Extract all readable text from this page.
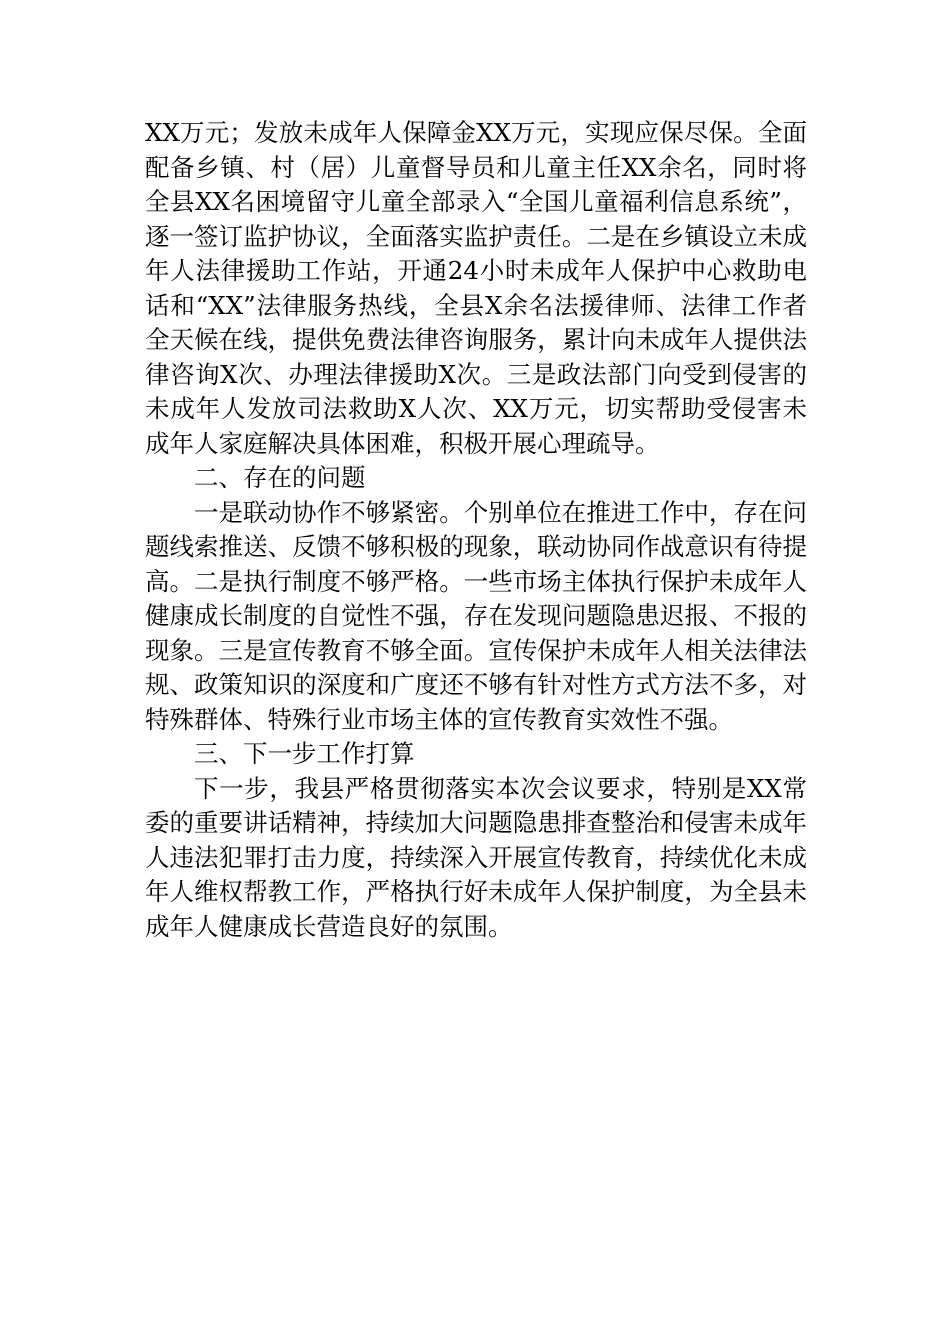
XX万元；发放未成年人保障金XX万元，实现应保尽保。全面配备乡镇、村（居）儿童督导员和儿童主任XX余名，同时将全县XX名困境留守儿童全部录入“全国儿童福利信息系统”，逐一签订监护协议，全面落实监护责任。二是在乡镇设立未成年人法律援助工作站，开通24小时未成年人保护中心救助电话和“XX”法律服务热线，全县X余名法援律师、法律工作者全天候在线，提供免费法律咨询服务，累计向未成年人提供法律咨询X次、办理法律援助X次。三是政法部门向受到侵害的未成年人发放司法救助X人次、XX万元，切实帮助受侵害未成年人家庭解决具体困难，积极开展心理疏导。

二、存在的问题

一是联动协作不够紧密。个别单位在推进工作中，存在问题线索推送、反馈不够积极的现象，联动协同作战意识有待提高。二是执行制度不够严格。一些市场主体执行保护未成年人健康成长制度的自觉性不强，存在发现问题隐患迟报、不报的现象。三是宣传教育不够全面。宣传保护未成年人相关法律法规、政策知识的深度和广度还不够有针对性方式方法不多，对特殊群体、特殊行业市场主体的宣传教育实效性不强。

三、下一步工作打算

下一步，我县严格贯彻落实本次会议要求，特别是XX常委的重要讲话精神，持续加大问题隐患排查整治和侵害未成年人违法犯罪打击力度，持续深入开展宣传教育，持续优化未成年人维权帮教工作，严格执行好未成年人保护制度，为全县未成年人健康成长营造良好的氛围。
